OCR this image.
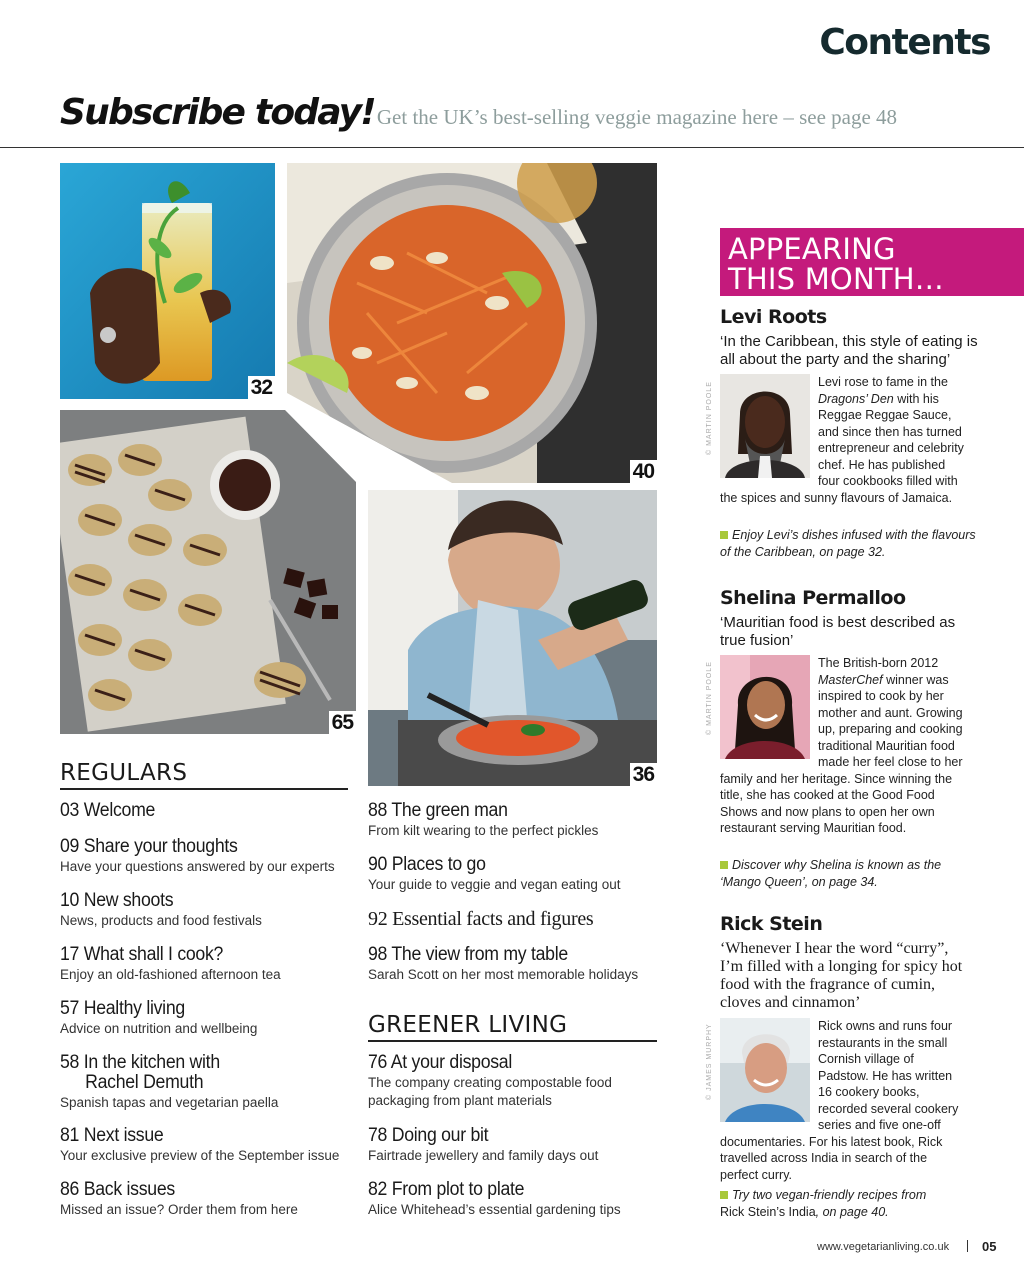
Contents
Subscribe today!Get the UK’s best-selling veggie magazine here – see page 48
32
40
65
36
REGULARS
03 Welcome
09 Share your thoughts
Have your questions answered by our experts
10 New shoots
News, products and food festivals
17 What shall I cook?
Enjoy an old-fashioned afternoon tea
57 Healthy living
Advice on nutrition and wellbeing
58 In the kitchen with
Rachel Demuth
Spanish tapas and vegetarian paella
81 Next issue
Your exclusive preview of the September issue
86 Back issues
Missed an issue? Order them from here
88 The green man
From kilt wearing to the perfect pickles
90 Places to go
Your guide to veggie and vegan eating out
92 Essential facts and figures
98 The view from my table
Sarah Scott on her most memorable holidays
GREENER LIVING
76 At your disposal
The company creating compostable food
packaging from plant materials
78 Doing our bit
Fairtrade jewellery and family days out
82 From plot to plate
Alice Whitehead’s essential gardening tips
APPEARING
THIS MONTH…
Levi Roots
‘In the Caribbean, this style of eating is all about the party and the sharing’
© MARTIN POOLE	Levi rose to fame in the Dragons’ Den with his Reggae Reggae Sauce, and since then has turned entrepreneur and celebrity chef. He has published four cookbooks filled with the spices and sunny flavours of Jamaica.
Enjoy Levi’s dishes infused with the flavours of the Caribbean, on page 32.
Shelina Permalloo
‘Mauritian food is best described as true fusion’
© MARTIN POOLE	The British-born 2012 MasterChef winner was inspired to cook by her mother and aunt. Growing up, preparing and cooking traditional Mauritian food made her feel close to her family and her heritage. Since winning the title, she has cooked at the Good Food Shows and now plans to open her own restaurant serving Mauritian food.
Discover why Shelina is known as the ‘Mango Queen’, on page 34.
Rick Stein
‘Whenever I hear the word “curry”, I’m filled with a longing for spicy hot food with the fragrance of cumin, cloves and cinnamon’
© JAMES MURPHY	Rick owns and runs four restaurants in the small Cornish village of Padstow. He has written 16 cookery books, recorded several cookery series and five one-off documentaries. For his latest book, Rick travelled across India in search of the perfect curry.
Try two vegan-friendly recipes from
Rick Stein’s India, on page 40.
www.vegetarianliving.co.uk	05
